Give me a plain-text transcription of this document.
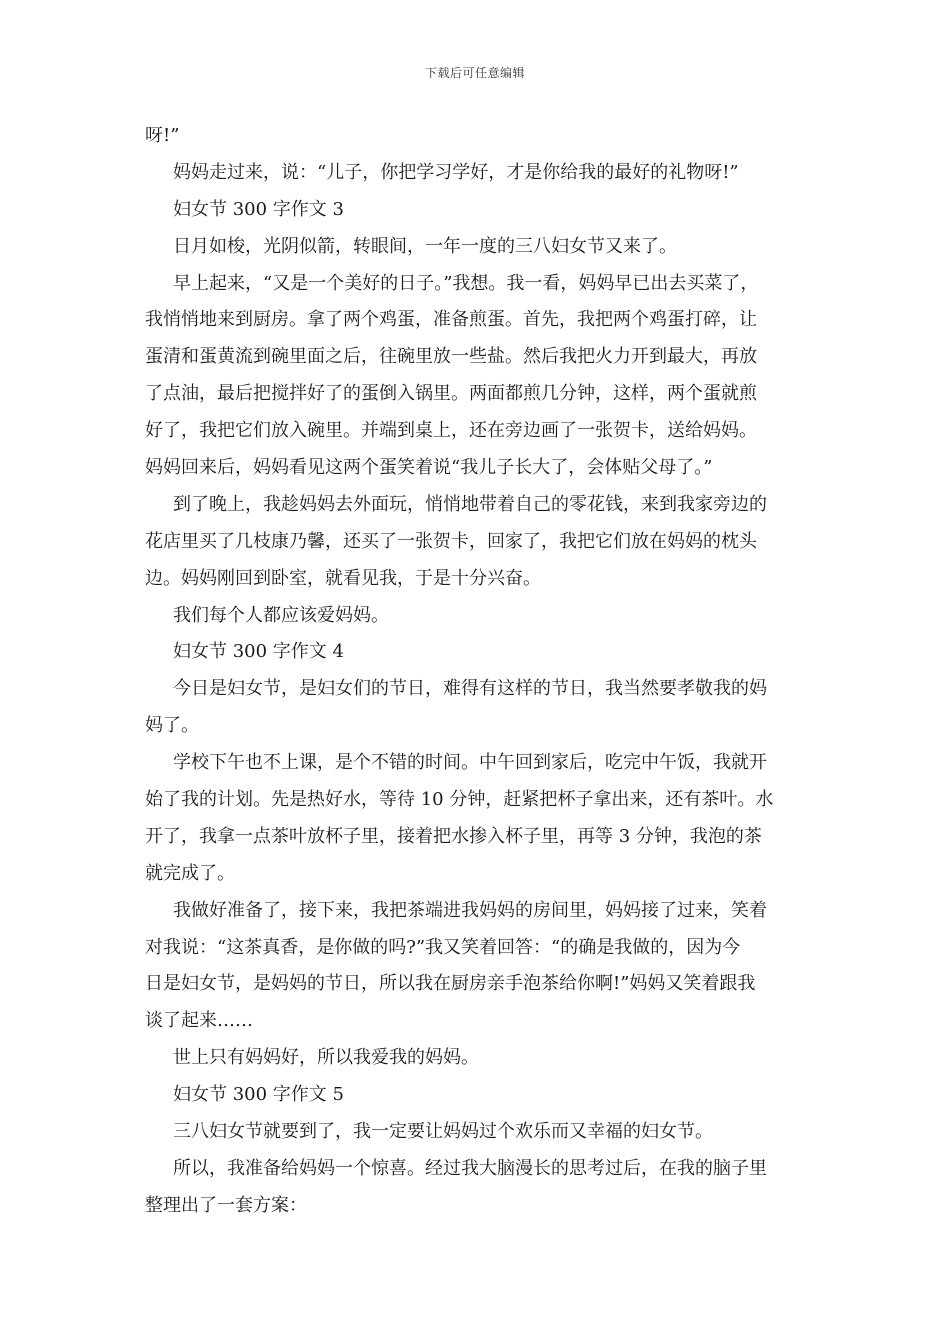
下载后可任意编辑
呀!”
妈妈走过来，说：“儿子，你把学习学好，才是你给我的最好的礼物呀!”
妇女节 300 字作文 3
日月如梭，光阴似箭，转眼间，一年一度的三八妇女节又来了。
早上起来，“又是一个美好的日子。”我想。我一看，妈妈早已出去买菜了，
我悄悄地来到厨房。拿了两个鸡蛋，准备煎蛋。首先，我把两个鸡蛋打碎，让
蛋清和蛋黄流到碗里面之后，往碗里放一些盐。然后我把火力开到最大，再放
了点油，最后把搅拌好了的蛋倒入锅里。两面都煎几分钟，这样，两个蛋就煎
好了，我把它们放入碗里。并端到桌上，还在旁边画了一张贺卡，送给妈妈。
妈妈回来后，妈妈看见这两个蛋笑着说“我儿子长大了，会体贴父母了。”
到了晚上，我趁妈妈去外面玩，悄悄地带着自己的零花钱，来到我家旁边的
花店里买了几枝康乃馨，还买了一张贺卡，回家了，我把它们放在妈妈的枕头
边。妈妈刚回到卧室，就看见我，于是十分兴奋。
我们每个人都应该爱妈妈。
妇女节 300 字作文 4
今日是妇女节，是妇女们的节日，难得有这样的节日，我当然要孝敬我的妈
妈了。
学校下午也不上课，是个不错的时间。中午回到家后，吃完中午饭，我就开
始了我的计划。先是热好水，等待 10 分钟，赶紧把杯子拿出来，还有茶叶。水
开了，我拿一点茶叶放杯子里，接着把水掺入杯子里，再等 3 分钟，我泡的茶
就完成了。
我做好准备了，接下来，我把茶端进我妈妈的房间里，妈妈接了过来，笑着
对我说：“这茶真香，是你做的吗?”我又笑着回答：“的确是我做的，因为今
日是妇女节，是妈妈的节日，所以我在厨房亲手泡茶给你啊!”妈妈又笑着跟我
谈了起来……
世上只有妈妈好，所以我爱我的妈妈。
妇女节 300 字作文 5
三八妇女节就要到了，我一定要让妈妈过个欢乐而又幸福的妇女节。
所以，我准备给妈妈一个惊喜。经过我大脑漫长的思考过后，在我的脑子里
整理出了一套方案：
